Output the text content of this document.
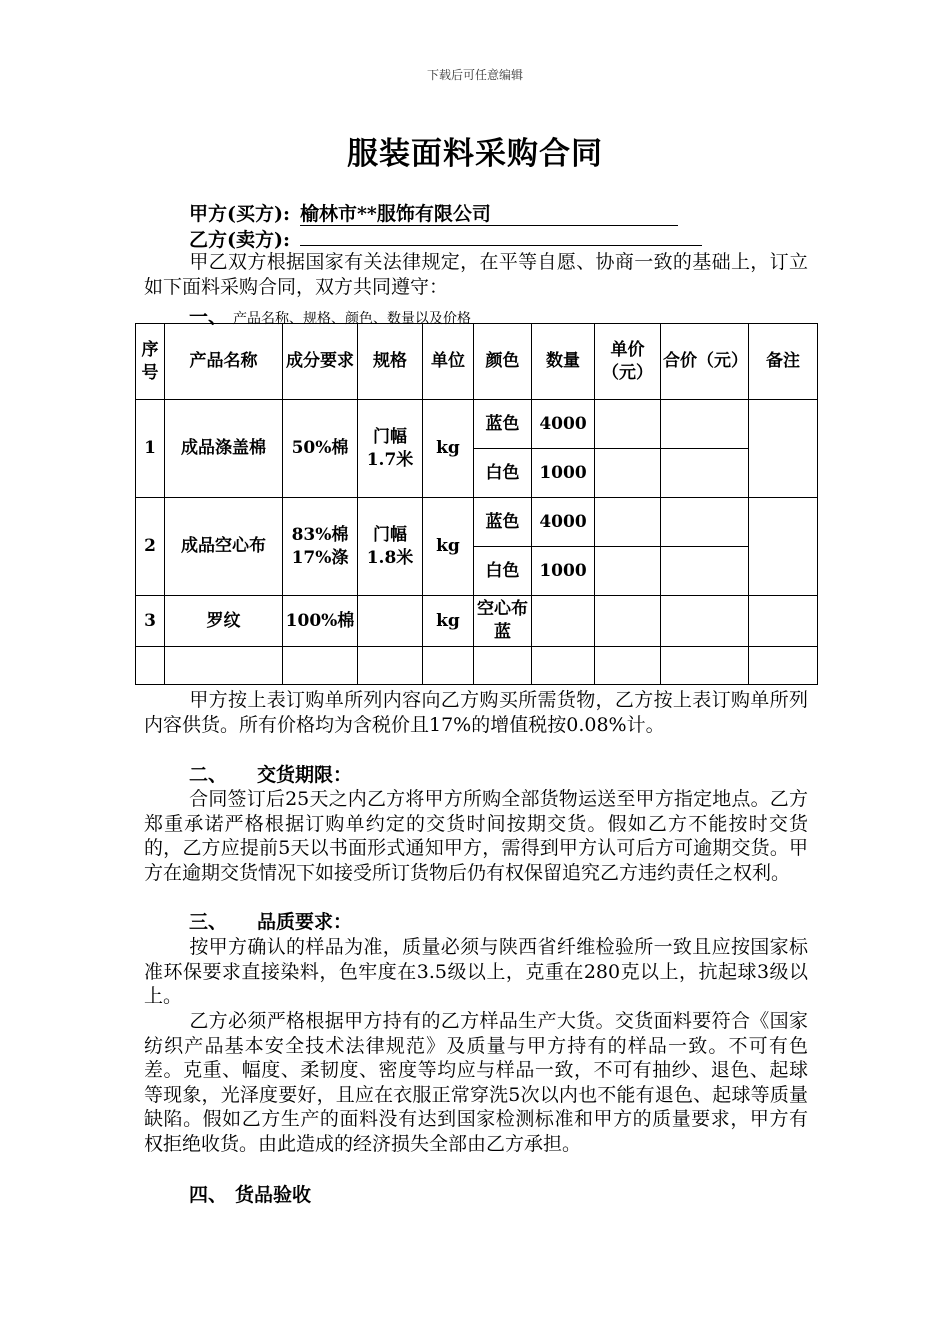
下载后可任意编辑
服装面料采购合同
甲方(买方): 榆林市**服饰有限公司
乙方(卖方):
甲乙双方根据国家有关法律规定，在平等自愿、协商一致的基础上，订立如下面料采购合同，双方共同遵守：
一、 产品名称、规格、颜色、数量以及价格
序号	产品名称	成分要求	规格	单位	颜色	数量	单价（元）	合价（元）	备注
1	成品涤盖棉	50%棉	门幅1.7米	kg	蓝色	4000			
					白色	1000			
2	成品空心布	83%棉17%涤	门幅1.8米	kg	蓝色	4000			
					白色	1000			
3	罗纹	100%棉		kg	空心布蓝				

甲方按上表订购单所列内容向乙方购买所需货物，乙方按上表订购单所列内容供货。所有价格均为含税价且17%的增值税按0.08%计。
二、 交货期限：
合同签订后25天之内乙方将甲方所购全部货物运送至甲方指定地点。乙方郑重承诺严格根据订购单约定的交货时间按期交货。假如乙方不能按时交货的，乙方应提前5天以书面形式通知甲方，需得到甲方认可后方可逾期交货。甲方在逾期交货情况下如接受所订货物后仍有权保留追究乙方违约责任之权利。
三、 品质要求：
按甲方确认的样品为准，质量必须与陕西省纤维检验所一致且应按国家标准环保要求直接染料，色牢度在3.5级以上，克重在280克以上，抗起球3级以上。
乙方必须严格根据甲方持有的乙方样品生产大货。交货面料要符合《国家纺织产品基本安全技术法律规范》及质量与甲方持有的样品一致。不可有色差。克重、幅度、柔韧度、密度等均应与样品一致，不可有抽纱、退色、起球等现象，光泽度要好，且应在衣服正常穿洗5次以内也不能有退色、起球等质量缺陷。假如乙方生产的面料没有达到国家检测标准和甲方的质量要求，甲方有权拒绝收货。由此造成的经济损失全部由乙方承担。
四、 货品验收
